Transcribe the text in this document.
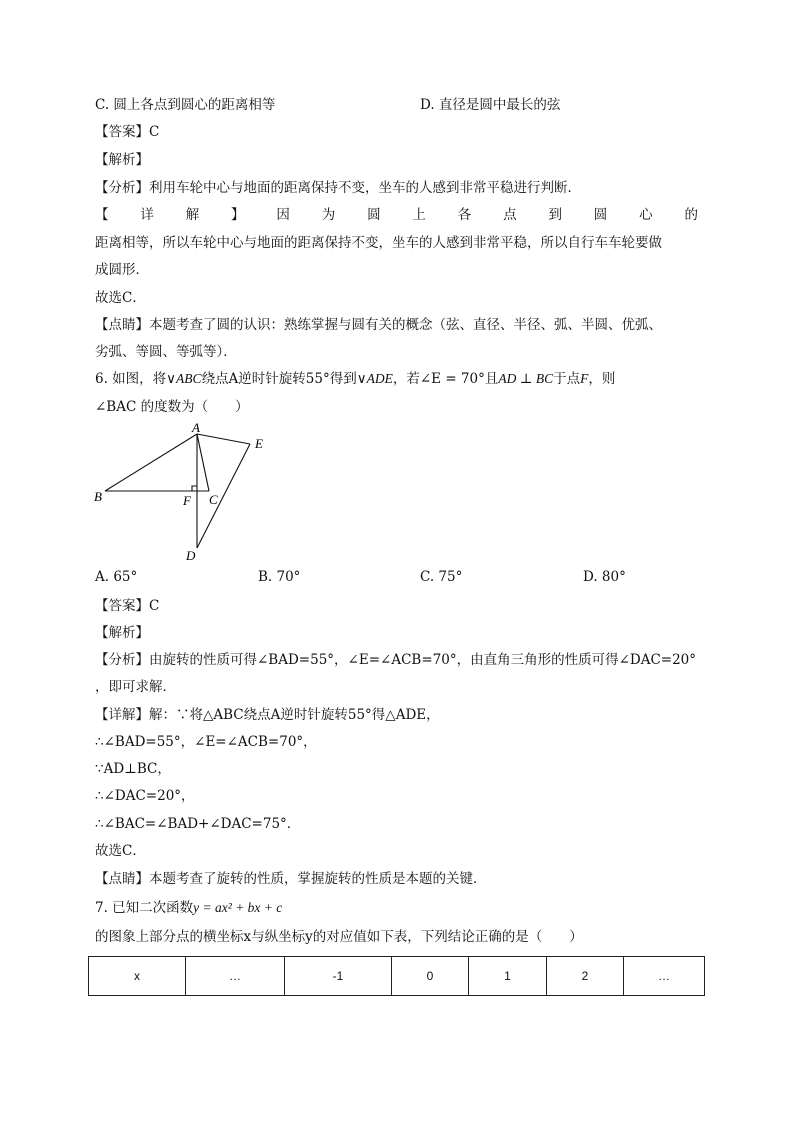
C. 圆上各点到圆心的距离相等	D. 直径是圆中最长的弦
【答案】C
【解析】
【分析】利用车轮中心与地面的距离保持不变，坐车的人感到非常平稳进行判断．
【 详 解 】 因 为 圆 上 各 点 到 圆 心 的
距离相等，所以车轮中心与地面的距离保持不变，坐车的人感到非常平稳，所以自行车车轮要做
成圆形．
故选C．
【点睛】本题考查了圆的认识：熟练掌握与圆有关的概念（弦、直径、半径、弧、半圆、优弧、
劣弧、等圆、等弧等）．
6. 如图，将∨ABC绕点A逆时针旋转55°得到∨ADE，若∠E = 70°且AD ⊥ BC于点F，则
∠BAC 的度数为（　　）
A
B	C
D
E
F
A. 65°	B. 70°	C. 75°	D. 80°
【答案】C
【解析】
【分析】由旋转的性质可得∠BAD=55°，∠E=∠ACB=70°，由直角三角形的性质可得∠DAC=20°
，即可求解．
【详解】解：∵将△ABC绕点A逆时针旋转55°得△ADE，
∴∠BAD=55°，∠E=∠ACB=70°，
∵AD⊥BC，
∴∠DAC=20°，
∴∠BAC=∠BAD+∠DAC=75°．
故选C．
【点睛】本题考查了旋转的性质，掌握旋转的性质是本题的关键．
7. 已知二次函数y = ax² + bx + c
的图象上部分点的横坐标x与纵坐标y的对应值如下表，下列结论正确的是（　　）
x	…	-1	0	1	2	…
